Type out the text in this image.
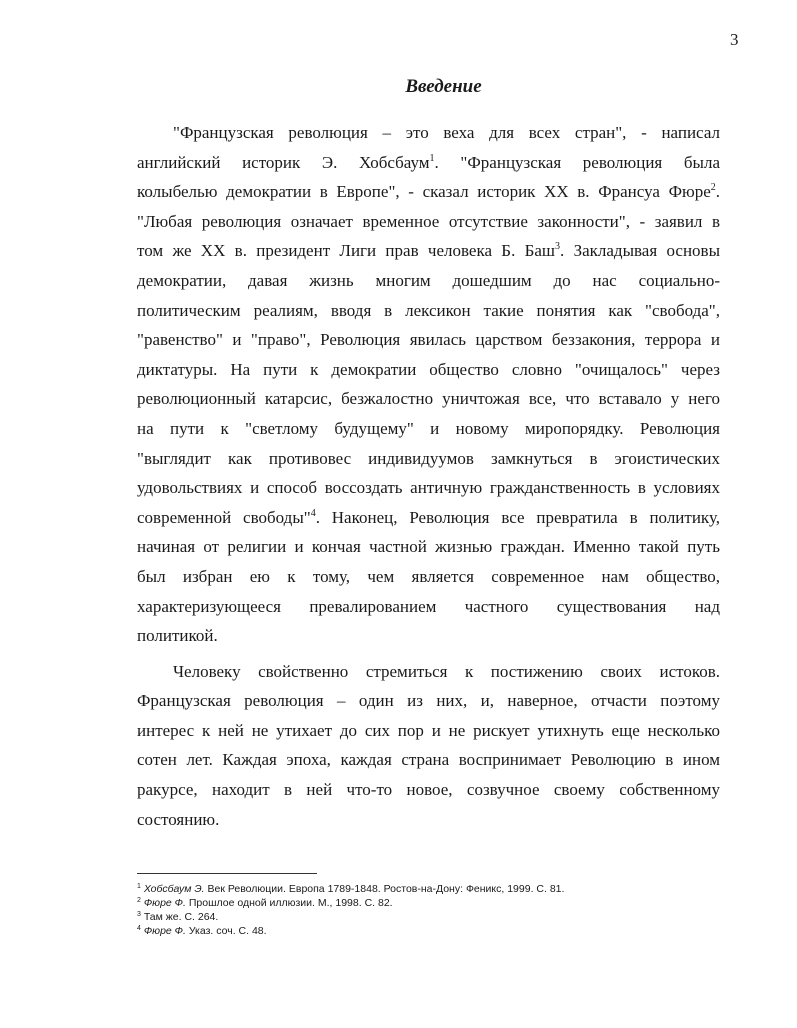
3
Введение
"Французская революция – это веха для всех стран", - написал
английский историк Э. Хобсбаум$^1$. "Французская революция была
колыбелью демократии в Европе", - сказал историк XX в. Франсуа Фюре$^2$.
"Любая революция означает временное отсутствие законности", - заявил в
том же XX в. президент Лиги прав человека Б. Баш$^3$. Закладывая основы
демократии, давая жизнь многим дошедшим до нас социально-
политическим реалиям, вводя в лексикон такие понятия как "свобода",
"равенство" и "право", Революция явилась царством беззакония, террора и
диктатуры. На пути к демократии общество словно "очищалось" через
революционный катарсис, безжалостно уничтожая все, что вставало у него
на пути к "светлому будущему" и новому миропорядку. Революция
"выглядит как противовес индивидуумов замкнуться в эгоистических
удовольствиях и способ воссоздать античную гражданственность в условиях
современной свободы"$^4$. Наконец, Революция все превратила в политику,
начиная от религии и кончая частной жизнью граждан. Именно такой путь
был избран ею к тому, чем является современное нам общество,
характеризующееся превалированием частного существования над
политикой.
Человеку свойственно стремиться к постижению своих истоков.
Французская революция – один из них, и, наверное, отчасти поэтому
интерес к ней не утихает до сих пор и не рискует утихнуть еще несколько
сотен лет. Каждая эпоха, каждая страна воспринимает Революцию в ином
ракурсе, находит в ней что-то новое, созвучное своему собственному
состоянию.
$^1$ Хобсбаум Э. Век Революции. Европа 1789-1848. Ростов-на-Дону: Феникс, 1999. С. 81.
$^2$ Фюре Ф. Прошлое одной иллюзии. М., 1998. С. 82.
$^3$ Там же. С. 264.
$^4$ Фюре Ф. Указ. соч. С. 48.
